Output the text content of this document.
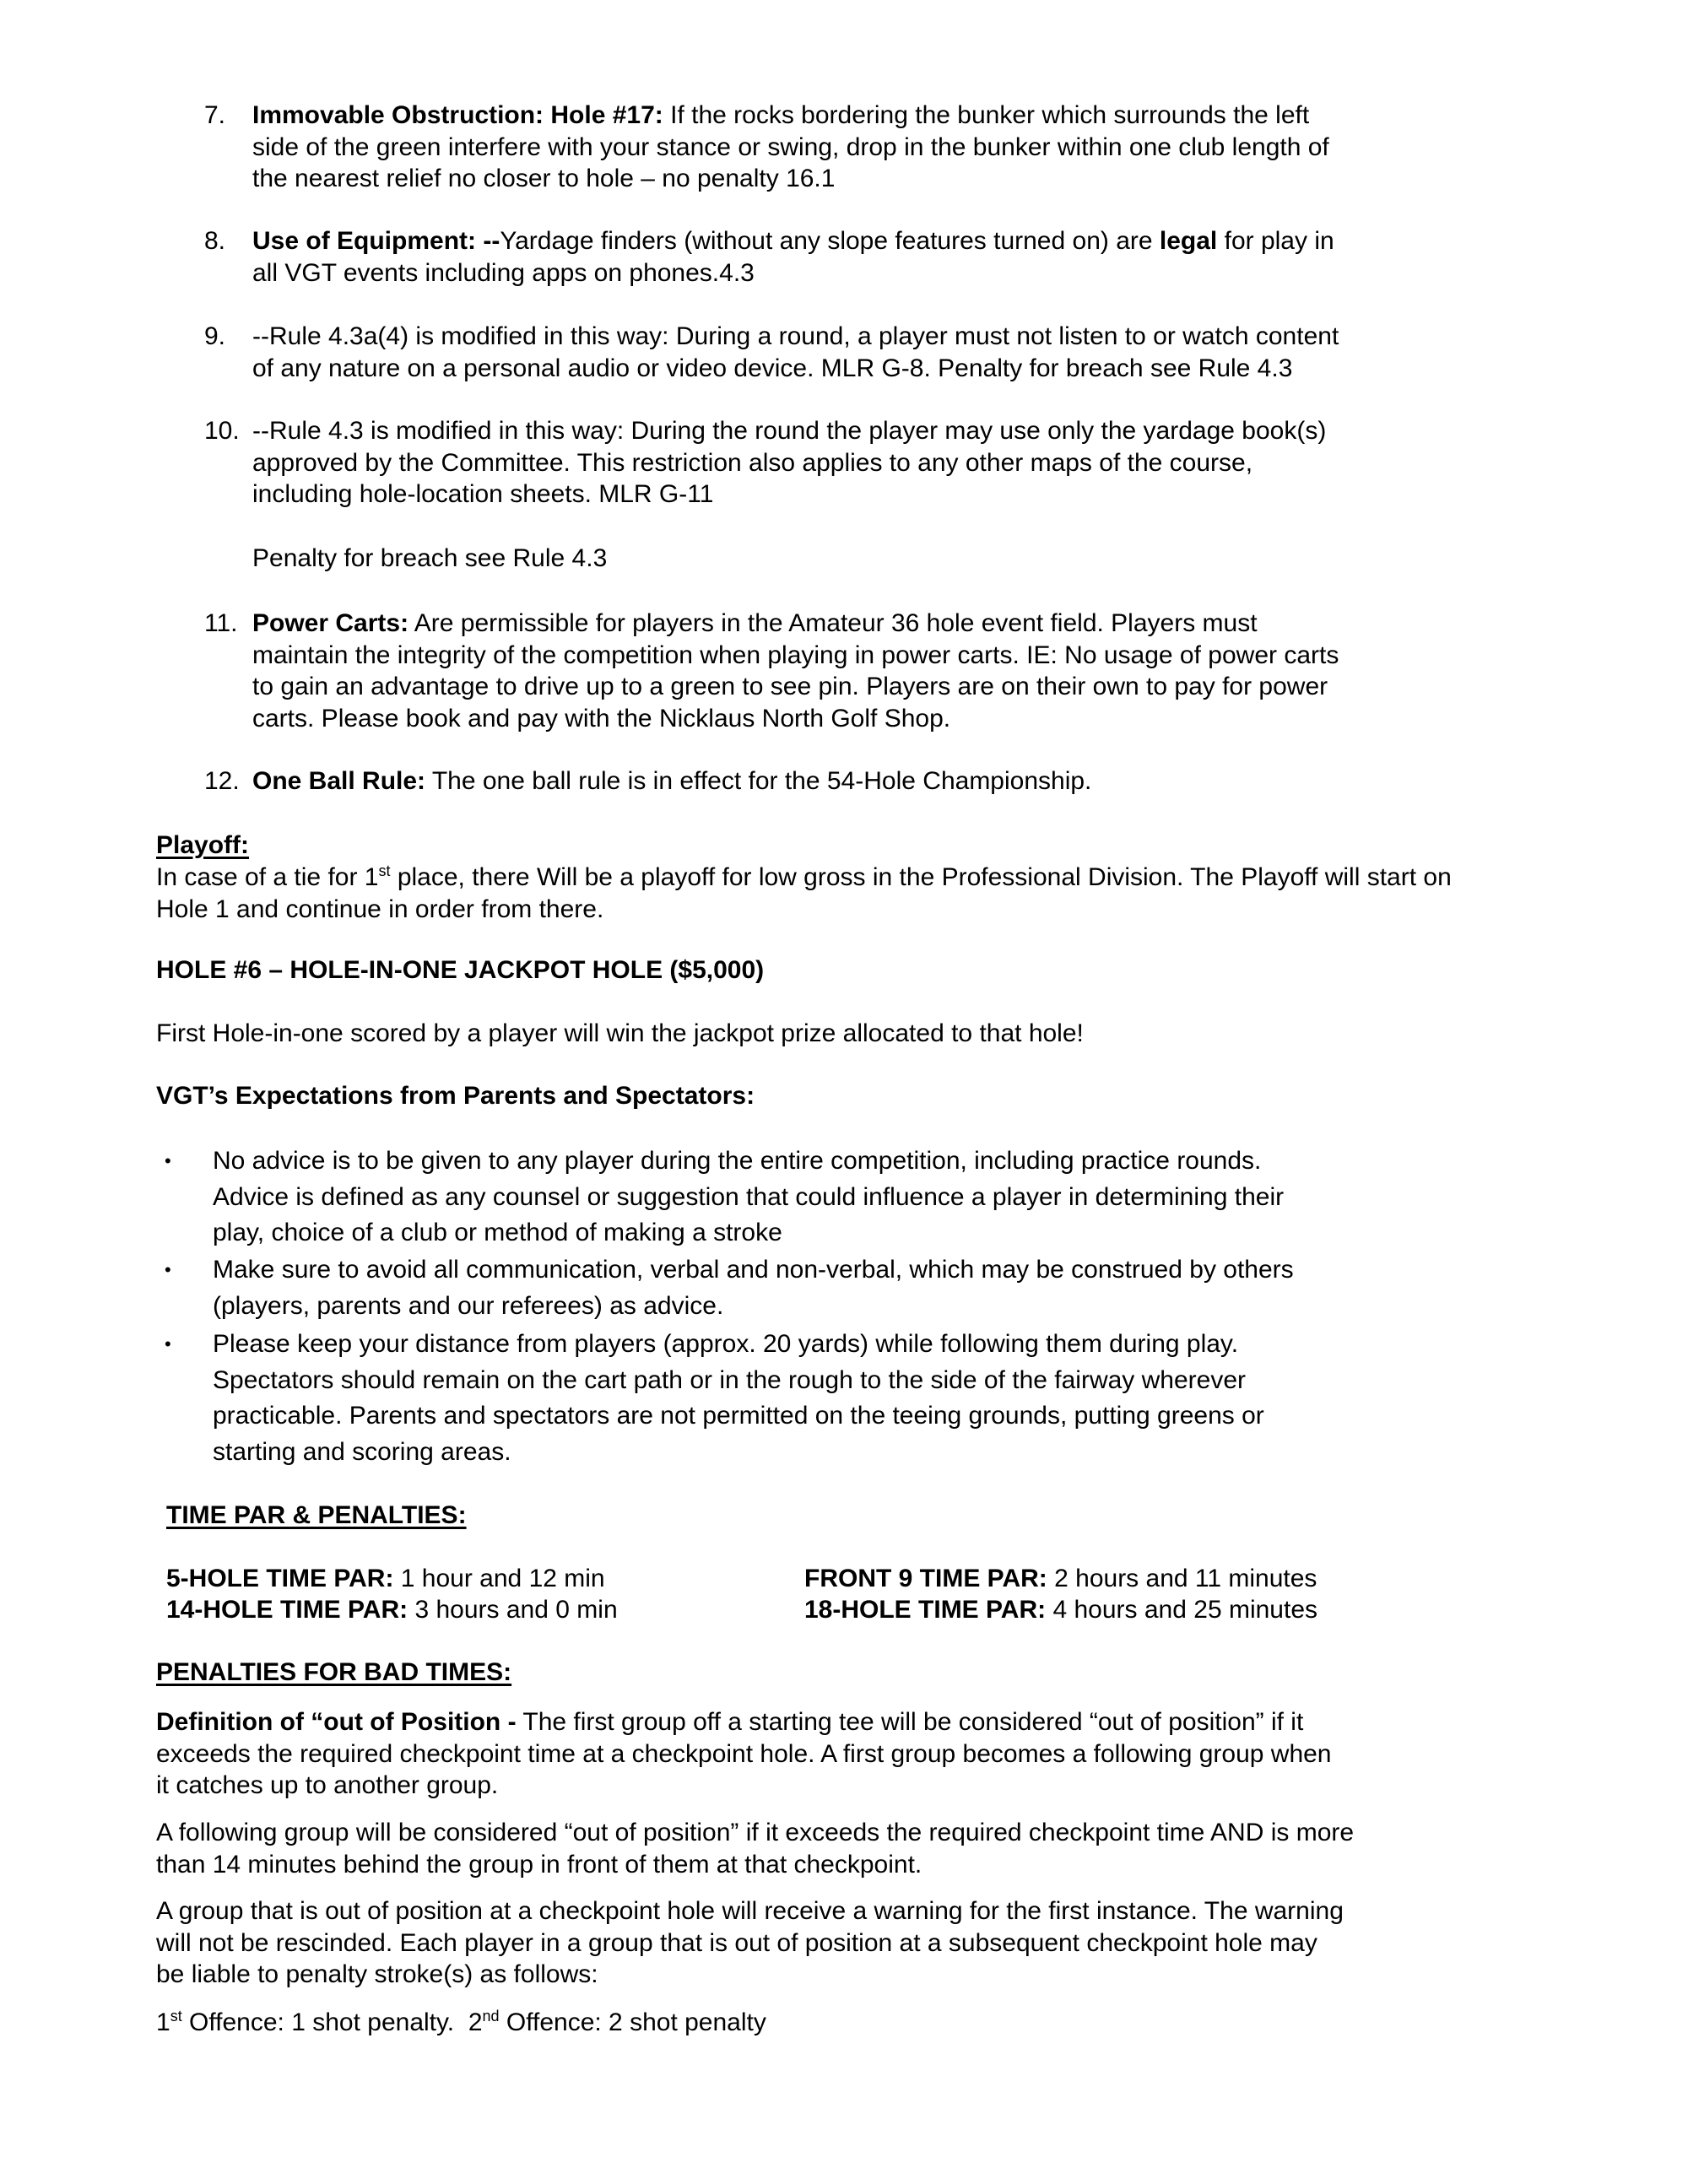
7. Immovable Obstruction: Hole #17: If the rocks bordering the bunker which surrounds the left
side of the green interfere with your stance or swing, drop in the bunker within one club length of
the nearest relief no closer to hole – no penalty 16.1
8. Use of Equipment: --Yardage finders (without any slope features turned on) are legal for play in
all VGT events including apps on phones.4.3
9. --Rule 4.3a(4) is modified in this way: During a round, a player must not listen to or watch content
of any nature on a personal audio or video device. MLR G-8. Penalty for breach see Rule 4.3
10. --Rule 4.3 is modified in this way: During the round the player may use only the yardage book(s)
approved by the Committee. This restriction also applies to any other maps of the course,
including hole-location sheets. MLR G-11
Penalty for breach see Rule 4.3
11. Power Carts: Are permissible for players in the Amateur 36 hole event field. Players must
maintain the integrity of the competition when playing in power carts. IE: No usage of power carts
to gain an advantage to drive up to a green to see pin. Players are on their own to pay for power
carts. Please book and pay with the Nicklaus North Golf Shop.
12. One Ball Rule: The one ball rule is in effect for the 54-Hole Championship.
Playoff:
In case of a tie for 1st place, there Will be a playoff for low gross in the Professional Division. The Playoff will start on
Hole 1 and continue in order from there.
HOLE #6 – HOLE-IN-ONE JACKPOT HOLE ($5,000)
First Hole-in-one scored by a player will win the jackpot prize allocated to that hole!
VGT’s Expectations from Parents and Spectators:
• No advice is to be given to any player during the entire competition, including practice rounds.
Advice is defined as any counsel or suggestion that could influence a player in determining their
play, choice of a club or method of making a stroke
• Make sure to avoid all communication, verbal and non-verbal, which may be construed by others
(players, parents and our referees) as advice.
• Please keep your distance from players (approx. 20 yards) while following them during play.
Spectators should remain on the cart path or in the rough to the side of the fairway wherever
practicable. Parents and spectators are not permitted on the teeing grounds, putting greens or
starting and scoring areas.
TIME PAR & PENALTIES:
5-HOLE TIME PAR: 1 hour and 12 min
14-HOLE TIME PAR: 3 hours and 0 min
FRONT 9 TIME PAR: 2 hours and 11 minutes
18-HOLE TIME PAR: 4 hours and 25 minutes
PENALTIES FOR BAD TIMES:
Definition of “out of Position - The first group off a starting tee will be considered “out of position” if it
exceeds the required checkpoint time at a checkpoint hole. A first group becomes a following group when
it catches up to another group.
A following group will be considered “out of position” if it exceeds the required checkpoint time AND is more
than 14 minutes behind the group in front of them at that checkpoint.
A group that is out of position at a checkpoint hole will receive a warning for the first instance. The warning
will not be rescinded. Each player in a group that is out of position at a subsequent checkpoint hole may
be liable to penalty stroke(s) as follows:
1st Offence: 1 shot penalty.  2nd Offence: 2 shot penalty
